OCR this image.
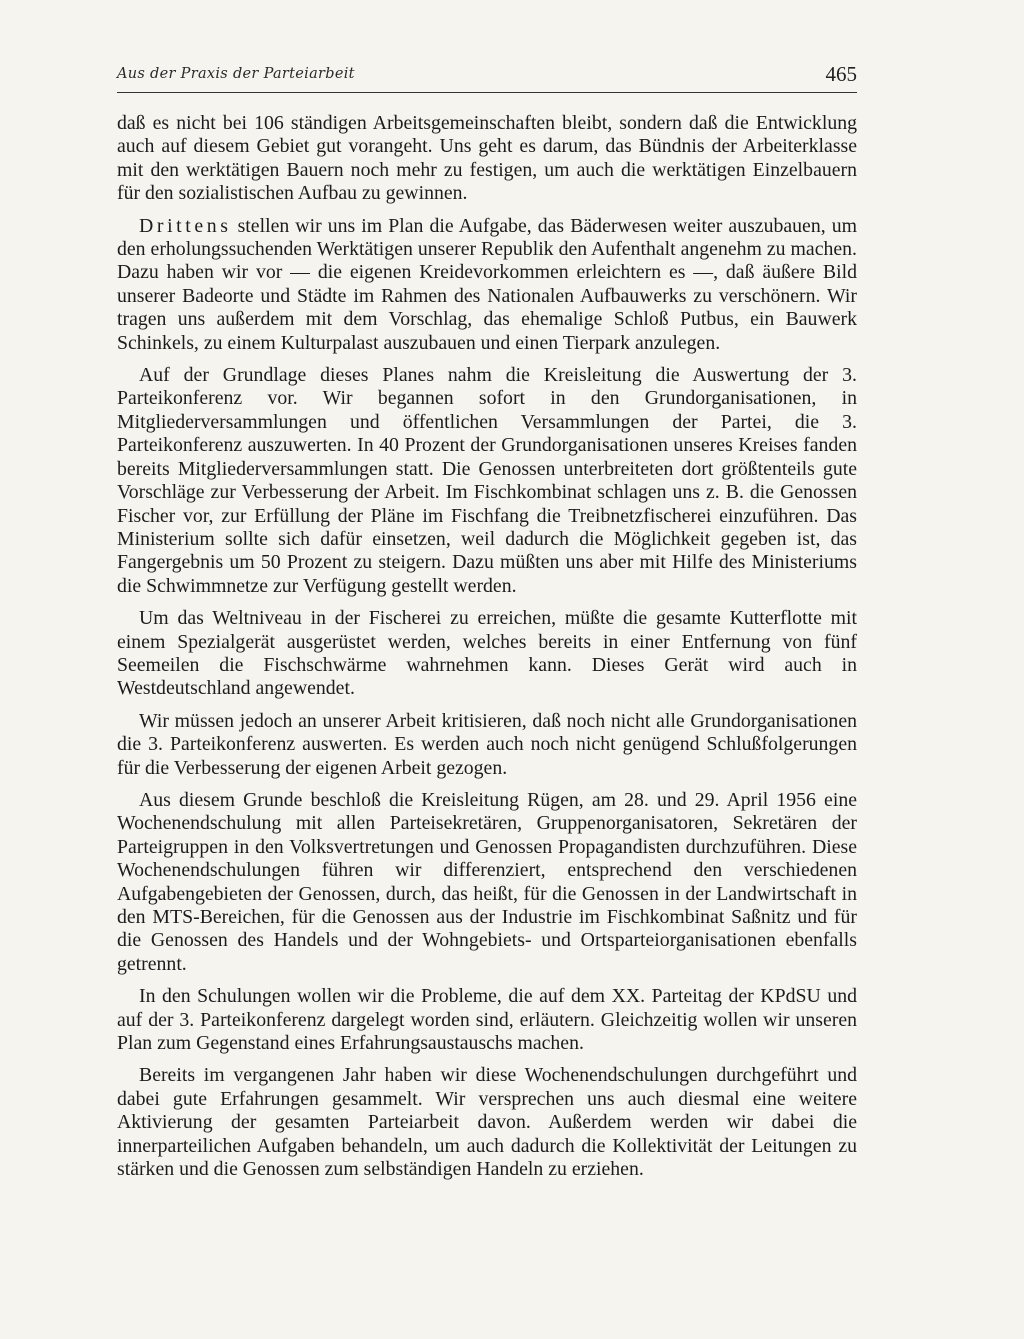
Aus der Praxis der Parteiarbeit	465

daß es nicht bei 106 ständigen Arbeitsgemeinschaften bleibt, sondern daß die Entwicklung auch auf diesem Gebiet gut vorangeht. Uns geht es darum, das Bündnis der Arbeiterklasse mit den werktätigen Bauern noch mehr zu festigen, um auch die werktätigen Einzelbauern für den sozialistischen Aufbau zu gewinnen.

Drittens stellen wir uns im Plan die Aufgabe, das Bäderwesen weiter auszubauen, um den erholungssuchenden Werktätigen unserer Republik den Aufenthalt angenehm zu machen. Dazu haben wir vor — die eigenen Kreidevorkommen erleichtern es —, daß äußere Bild unserer Badeorte und Städte im Rahmen des Nationalen Aufbauwerks zu verschönern. Wir tragen uns außerdem mit dem Vorschlag, das ehemalige Schloß Putbus, ein Bauwerk Schinkels, zu einem Kulturpalast auszubauen und einen Tierpark anzulegen.

Auf der Grundlage dieses Planes nahm die Kreisleitung die Auswertung der 3. Parteikonferenz vor. Wir begannen sofort in den Grundorganisationen, in Mitgliederversammlungen und öffentlichen Versammlungen der Partei, die 3. Parteikonferenz auszuwerten. In 40 Prozent der Grundorganisationen unseres Kreises fanden bereits Mitgliederversammlungen statt. Die Genossen unterbreiteten dort größtenteils gute Vorschläge zur Verbesserung der Arbeit. Im Fischkombinat schlagen uns z. B. die Genossen Fischer vor, zur Erfüllung der Pläne im Fischfang die Treibnetzfischerei einzuführen. Das Ministerium sollte sich dafür einsetzen, weil dadurch die Möglichkeit gegeben ist, das Fangergebnis um 50 Prozent zu steigern. Dazu müßten uns aber mit Hilfe des Ministeriums die Schwimmnetze zur Verfügung gestellt werden.

Um das Weltniveau in der Fischerei zu erreichen, müßte die gesamte Kutterflotte mit einem Spezialgerät ausgerüstet werden, welches bereits in einer Entfernung von fünf Seemeilen die Fischschwärme wahrnehmen kann. Dieses Gerät wird auch in Westdeutschland angewendet.

Wir müssen jedoch an unserer Arbeit kritisieren, daß noch nicht alle Grundorganisationen die 3. Parteikonferenz auswerten. Es werden auch noch nicht genügend Schlußfolgerungen für die Verbesserung der eigenen Arbeit gezogen.

Aus diesem Grunde beschloß die Kreisleitung Rügen, am 28. und 29. April 1956 eine Wochenendschulung mit allen Parteisekretären, Gruppenorganisatoren, Sekretären der Parteigruppen in den Volksvertretungen und Genossen Propagandisten durchzuführen. Diese Wochenendschulungen führen wir differenziert, entsprechend den verschiedenen Aufgabengebieten der Genossen, durch, das heißt, für die Genossen in der Landwirtschaft in den MTS-Bereichen, für die Genossen aus der Industrie im Fischkombinat Saßnitz und für die Genossen des Handels und der Wohngebiets- und Ortsparteiorganisationen ebenfalls getrennt.

In den Schulungen wollen wir die Probleme, die auf dem XX. Parteitag der KPdSU und auf der 3. Parteikonferenz dargelegt worden sind, erläutern. Gleichzeitig wollen wir unseren Plan zum Gegenstand eines Erfahrungsaustauschs machen.

Bereits im vergangenen Jahr haben wir diese Wochenendschulungen durchgeführt und dabei gute Erfahrungen gesammelt. Wir versprechen uns auch diesmal eine weitere Aktivierung der gesamten Parteiarbeit davon. Außerdem werden wir dabei die innerparteilichen Aufgaben behandeln, um auch dadurch die Kollektivität der Leitungen zu stärken und die Genossen zum selbständigen Handeln zu erziehen.
